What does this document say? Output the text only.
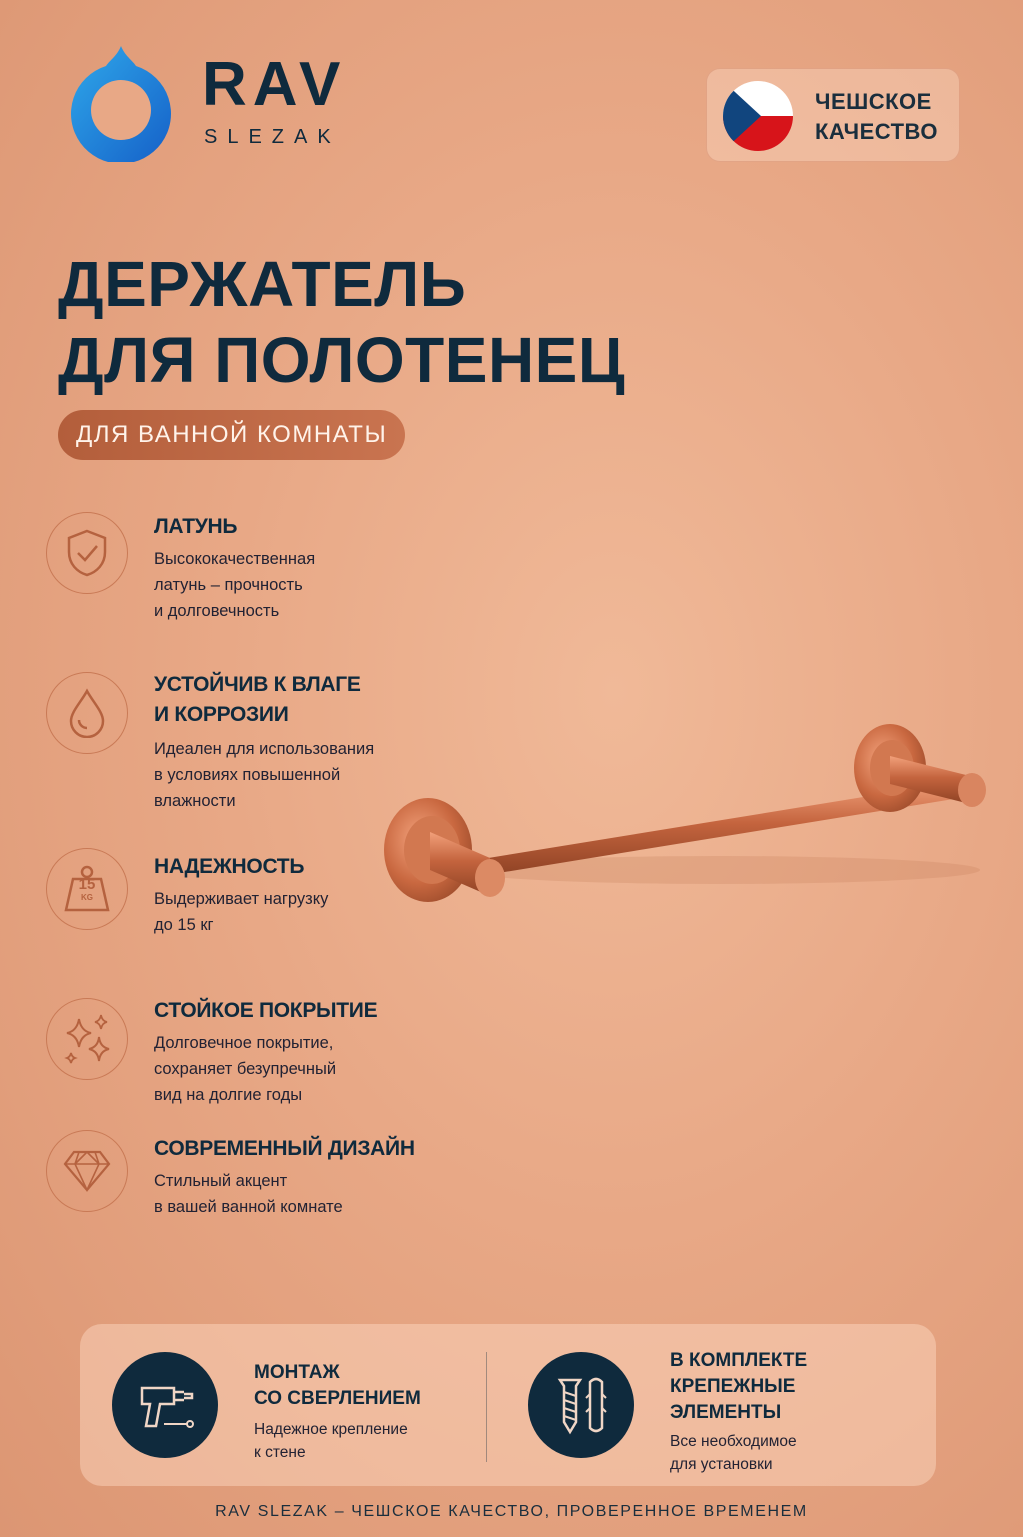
RAV
SLEZAK
ЧЕШСКОЕ
КАЧЕСТВО
ДЕРЖАТЕЛЬ
ДЛЯ ПОЛОТЕНЕЦ
ДЛЯ ВАННОЙ КОМНАТЫ
ЛАТУНЬ
Высококачественная
латунь – прочность
и долговечность
УСТОЙЧИВ К ВЛАГЕ
И КОРРОЗИИ
Идеален для использования
в условиях повышенной
влажности
15
KG
НАДЕЖНОСТЬ
Выдерживает нагрузку
до 15 кг
СТОЙКОЕ ПОКРЫТИЕ
Долговечное покрытие,
сохраняет безупречный
вид на долгие годы
СОВРЕМЕННЫЙ ДИЗАЙН
Стильный акцент
в вашей ванной комнате
МОНТАЖ
СО СВЕРЛЕНИЕМ
Надежное крепление
к стене
В КОМПЛЕКТЕ
КРЕПЕЖНЫЕ
ЭЛЕМЕНТЫ
Все необходимое
для установки
RAV SLEZAK – ЧЕШСКОЕ КАЧЕСТВО, ПРОВЕРЕННОЕ ВРЕМЕНЕМ
